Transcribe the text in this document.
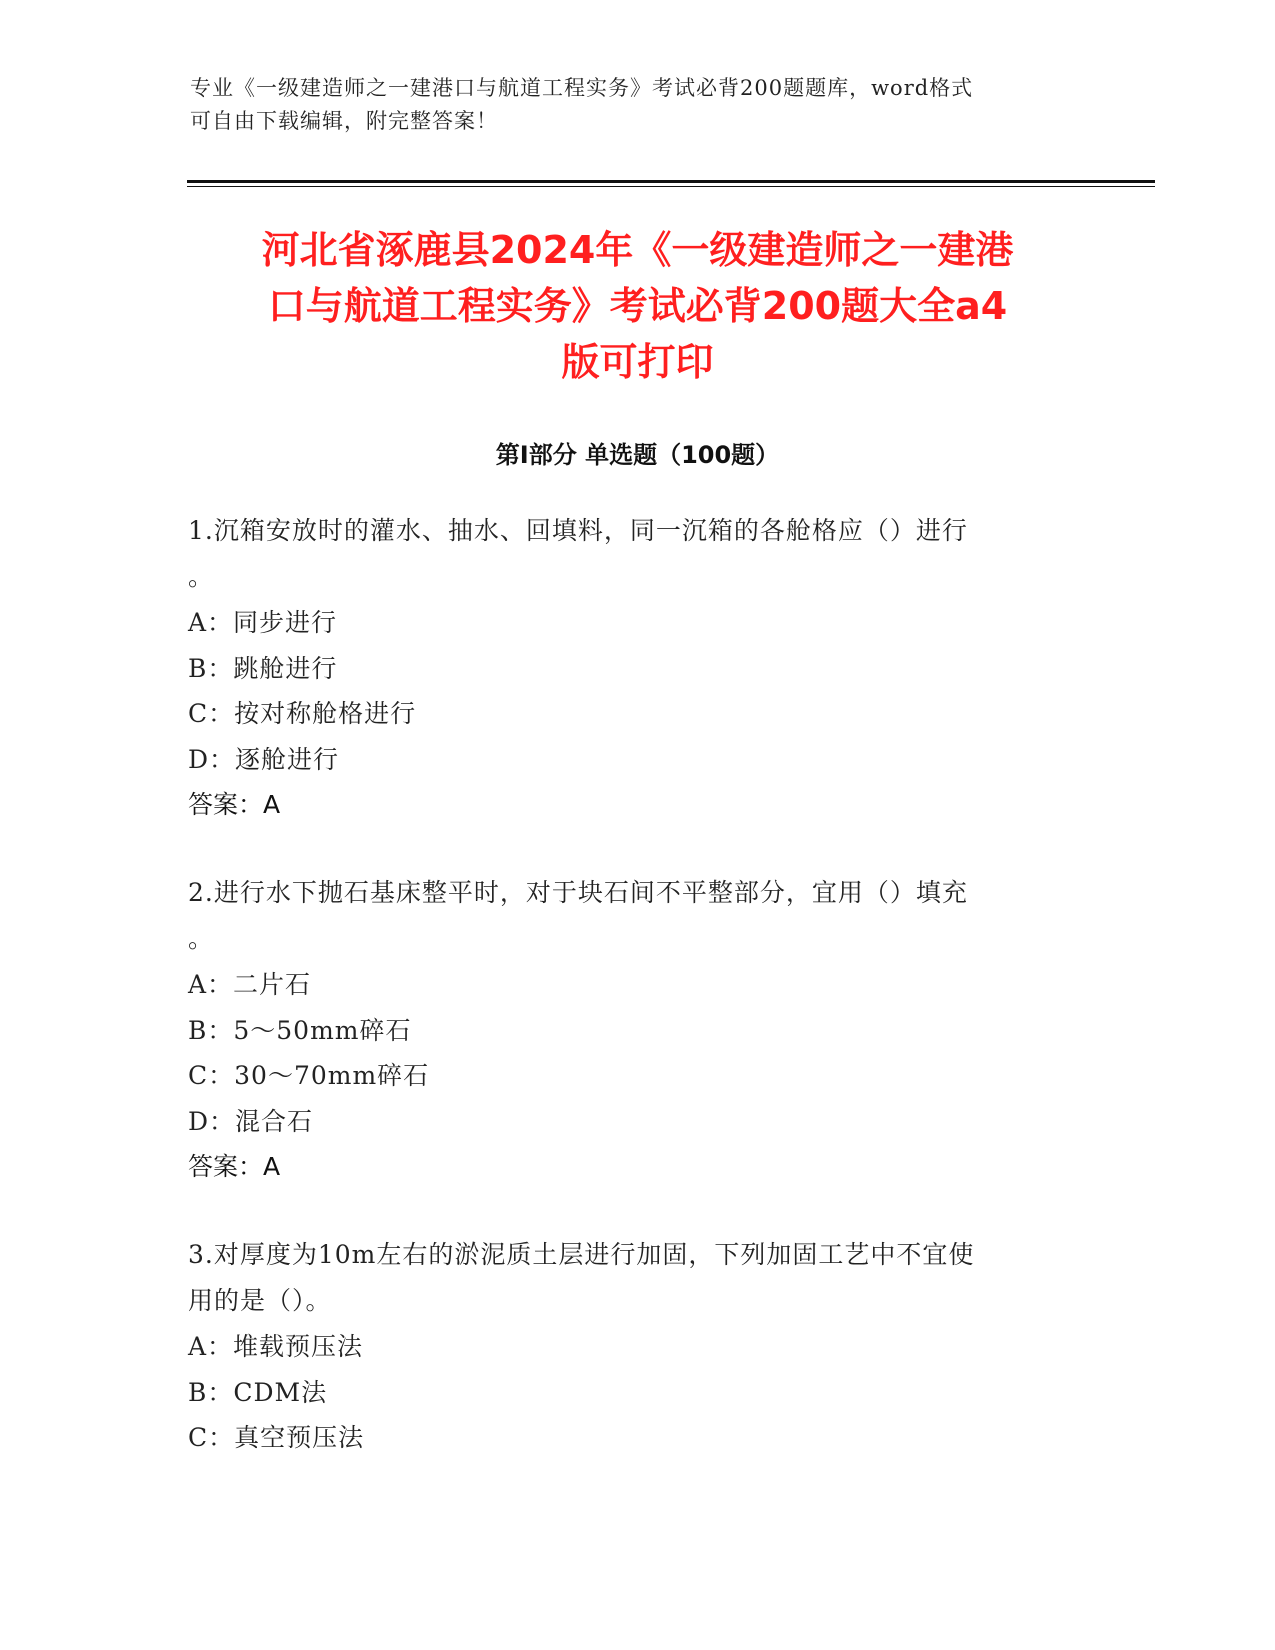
专业《一级建造师之一建港口与航道工程实务》考试必背200题题库，word格式
可自由下载编辑，附完整答案！
河北省涿鹿县2024年《一级建造师之一建港
口与航道工程实务》考试必背200题大全a4
版可打印
第Ⅰ部分 单选题（100题）
1.沉箱安放时的灌水、抽水、回填料，同一沉箱的各舱格应（）进行
。
A：同步进行
B：跳舱进行
C：按对称舱格进行
D：逐舱进行
答案：A
2.进行水下抛石基床整平时，对于块石间不平整部分，宜用（）填充
。
A：二片石
B：5～50mm碎石
C：30～70mm碎石
D：混合石
答案：A
3.对厚度为10m左右的淤泥质土层进行加固，下列加固工艺中不宜使
用的是（）。
A：堆载预压法
B：CDM法
C：真空预压法
